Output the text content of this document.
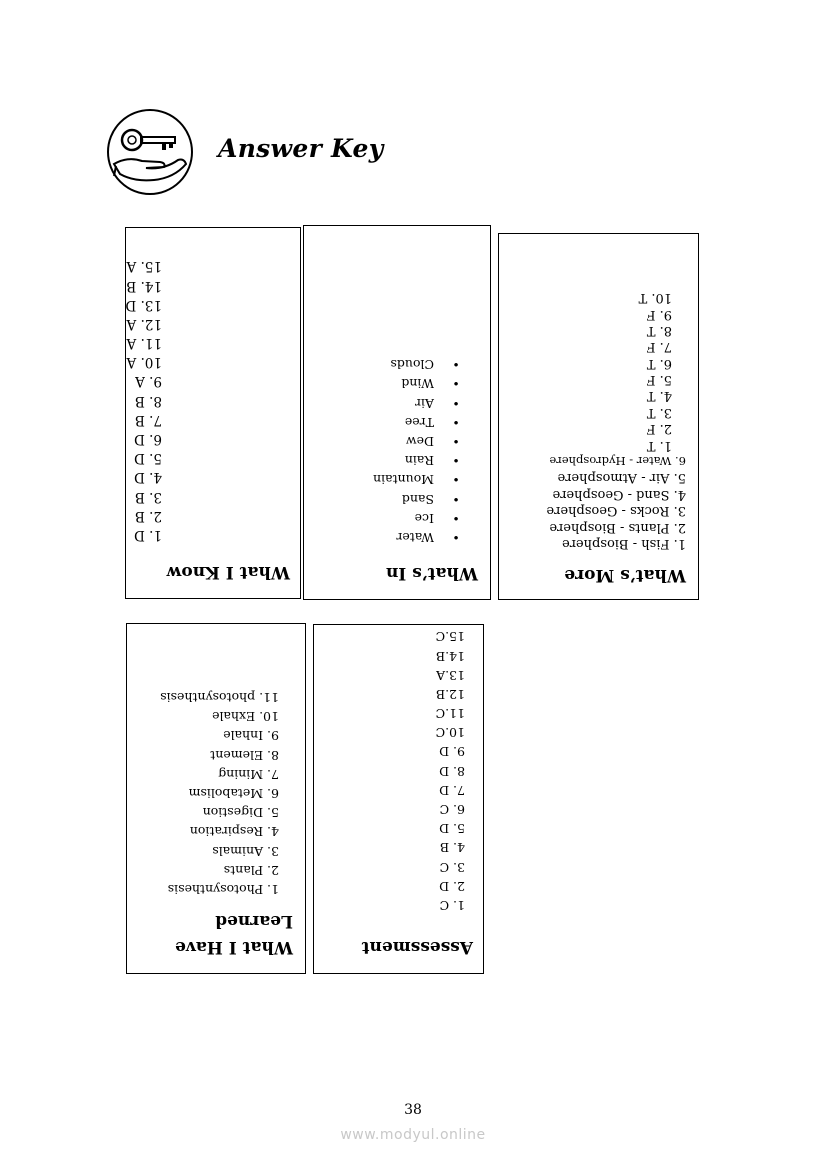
Answer Key
What I Know
1. D
2. B
3. B
4. D
5. D
6. D
7. B
8. B
9. A
10. A
11. A
12. A
13. D
14. B
15. A
What’s In
•Water
•Ice
•Sand
•Mountain
•Rain
•Dew
•Tree
•Air
•Wind
•Clouds
What’s More
1. Fish - Biosphere
2. Plants - Biosphere
3. Rocks - Geosphere
4. Sand - Geosphere
5. Air - Atmosphere
6. Water - Hydrosphere
1. T
2. F
3. T
4. T
5. F
6. T
7. F
8. T
9. F
10. T
What I Have
Learned
1. Photosynthesis
2. Plants
3. Animals
4. Respiration
5. Digestion
6. Metabolism
7. Mining
8. Element
9. Inhale
10. Exhale
11. photosynthesis
Assessment
1. C
2. D
3. C
4. B
5. D
6. C
7. D
8. D
9. D
10.C
11.C
12.B
13.A
14.B
15.C
38
www.modyul.online
